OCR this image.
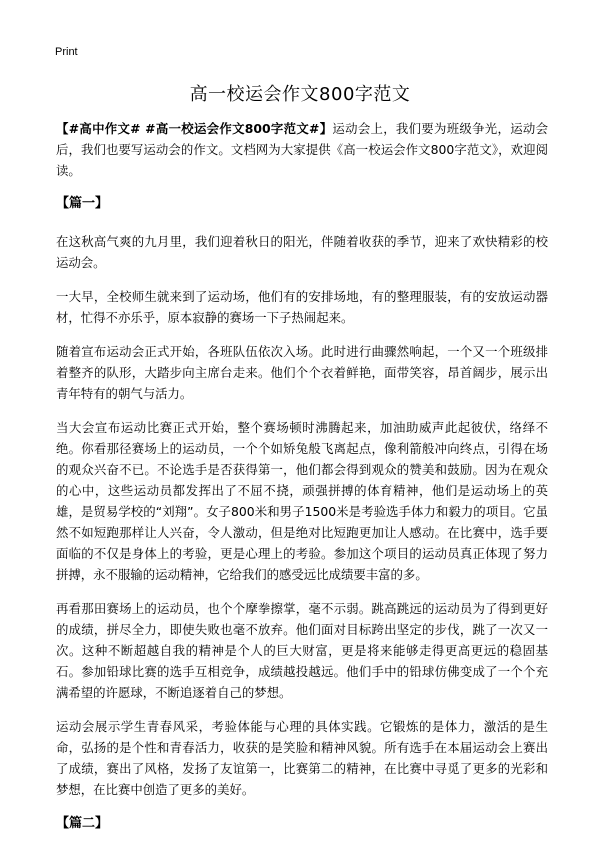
Print
高一校运会作文800字范文

【#高中作文# #高一校运会作文800字范文#】运动会上，我们要为班级争光，运动会后，我们也要写运动会的作文。文档网为大家提供《高一校运会作文800字范文》，欢迎阅读。

【篇一】

在这秋高气爽的九月里，我们迎着秋日的阳光，伴随着收获的季节，迎来了欢快精彩的校运动会。

一大早，全校师生就来到了运动场，他们有的安排场地，有的整理服装，有的安放运动器材，忙得不亦乐乎，原本寂静的赛场一下子热闹起来。

随着宣布运动会正式开始，各班队伍依次入场。此时进行曲骤然响起，一个又一个班级排着整齐的队形，大踏步向主席台走来。他们个个衣着鲜艳，面带笑容，昂首阔步，展示出青年特有的朝气与活力。

当大会宣布运动比赛正式开始，整个赛场顿时沸腾起来，加油助威声此起彼伏，络绎不绝。你看那径赛场上的运动员，一个个如矫兔般飞离起点，像利箭般冲向终点，引得在场的观众兴奋不已。不论选手是否获得第一，他们都会得到观众的赞美和鼓励。因为在观众的心中，这些运动员都发挥出了不屈不挠，顽强拼搏的体育精神，他们是运动场上的英雄，是贸易学校的“刘翔”。女子800米和男子1500米是考验选手体力和毅力的项目。它虽然不如短跑那样让人兴奋，令人激动，但是绝对比短跑更加让人感动。在比赛中，选手要面临的不仅是身体上的考验，更是心理上的考验。参加这个项目的运动员真正体现了努力拼搏，永不服输的运动精神，它给我们的感受远比成绩要丰富的多。

再看那田赛场上的运动员，也个个摩拳擦掌，毫不示弱。跳高跳远的运动员为了得到更好的成绩，拼尽全力，即使失败也毫不放弃。他们面对目标跨出坚定的步伐，跳了一次又一次。这种不断超越自我的精神是个人的巨大财富，更是将来能够走得更高更远的稳固基石。参加铅球比赛的选手互相竞争，成绩越投越远。他们手中的铅球仿佛变成了一个个充满希望的许愿球，不断追逐着自己的梦想。

运动会展示学生青春风采，考验体能与心理的具体实践。它锻炼的是体力，激活的是生命，弘扬的是个性和青春活力，收获的是笑脸和精神风貌。所有选手在本届运动会上赛出了成绩，赛出了风格，发扬了友谊第一，比赛第二的精神，在比赛中寻觅了更多的光彩和梦想，在比赛中创造了更多的美好。

【篇二】
